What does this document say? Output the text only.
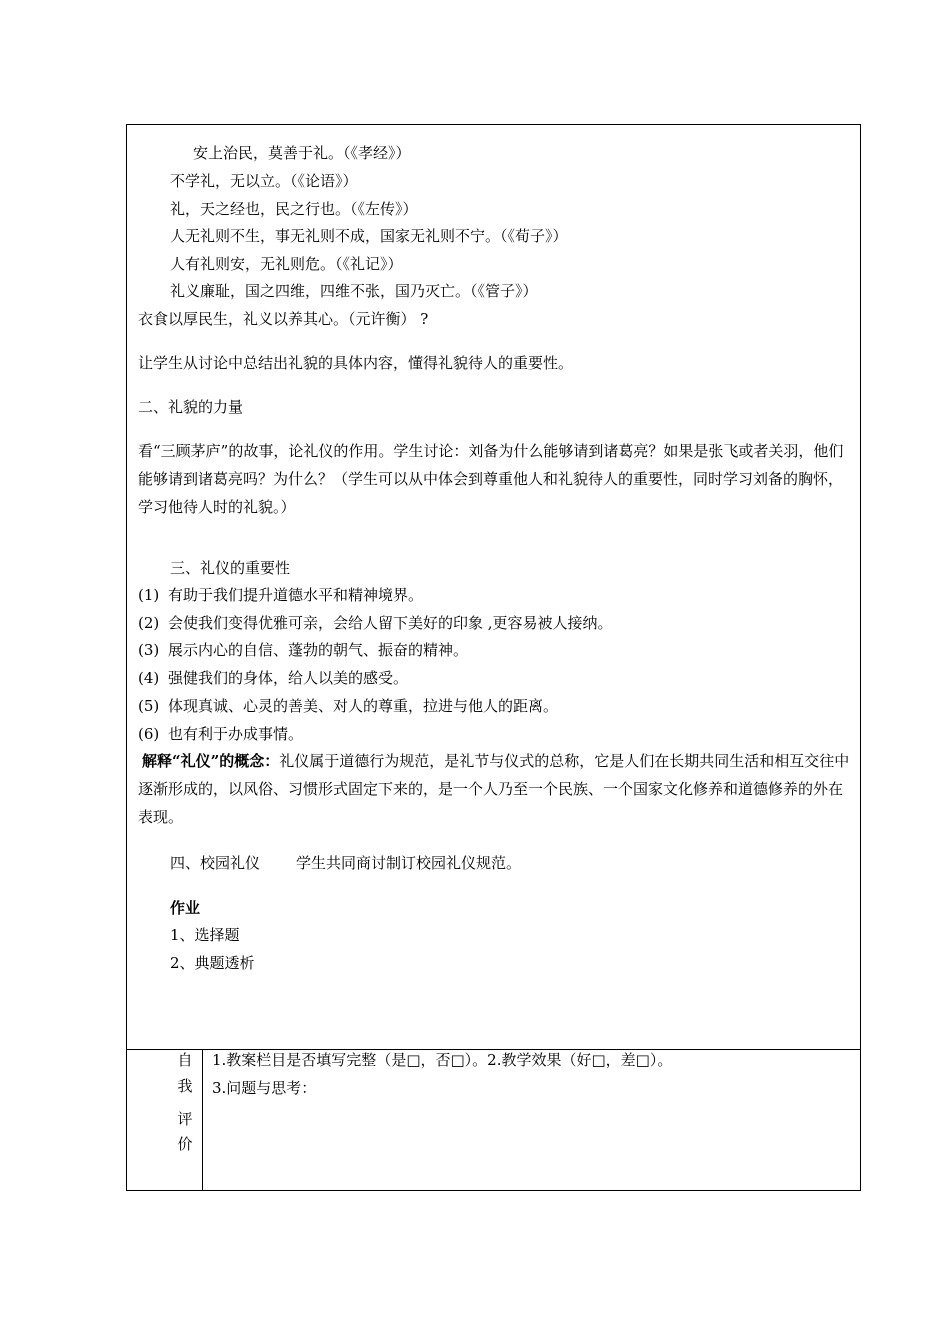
安上治民，莫善于礼。（《孝经》）
不学礼，无以立。（《论语》）
礼，天之经也，民之行也。（《左传》）
人无礼则不生，事无礼则不成，国家无礼则不宁。（《荀子》）
人有礼则安，无礼则危。（《礼记》）
礼义廉耻，国之四维，四维不张，国乃灭亡。（《管子》）
衣食以厚民生，礼义以养其心。（元许衡） ?
让学生从讨论中总结出礼貌的具体内容，懂得礼貌待人的重要性。
二、礼貌的力量
看“三顾茅庐”的故事，论礼仪的作用。学生讨论：刘备为什么能够请到诸葛亮？如果是张飞或者关羽，他们能够请到诸葛亮吗？为什么？（学生可以从中体会到尊重他人和礼貌待人的重要性，同时学习刘备的胸怀，学习他待人时的礼貌。）
三、礼仪的重要性
(1) 有助于我们提升道德水平和精神境界。
(2) 会使我们变得优雅可亲，会给人留下美好的印象 ,更容易被人接纳。
(3) 展示内心的自信、蓬勃的朝气、振奋的精神。
(4) 强健我们的身体，给人以美的感受。
(5) 体现真诚、心灵的善美、对人的尊重，拉进与他人的距离。
(6) 也有利于办成事情。
解释“礼仪”的概念：礼仪属于道德行为规范，是礼节与仪式的总称，它是人们在长期共同生活和相互交往中逐渐形成的，以风俗、习惯形式固定下来的，是一个人乃至一个民族、一个国家文化修养和道德修养的外在表现。
四、校园礼仪 学生共同商讨制订校园礼仪规范。
作业
1、选择题
2、典题透析
自
我
评
价
1.教案栏目是否填写完整（是□，否□）。2.教学效果（好□，差□）。
3.问题与思考：
